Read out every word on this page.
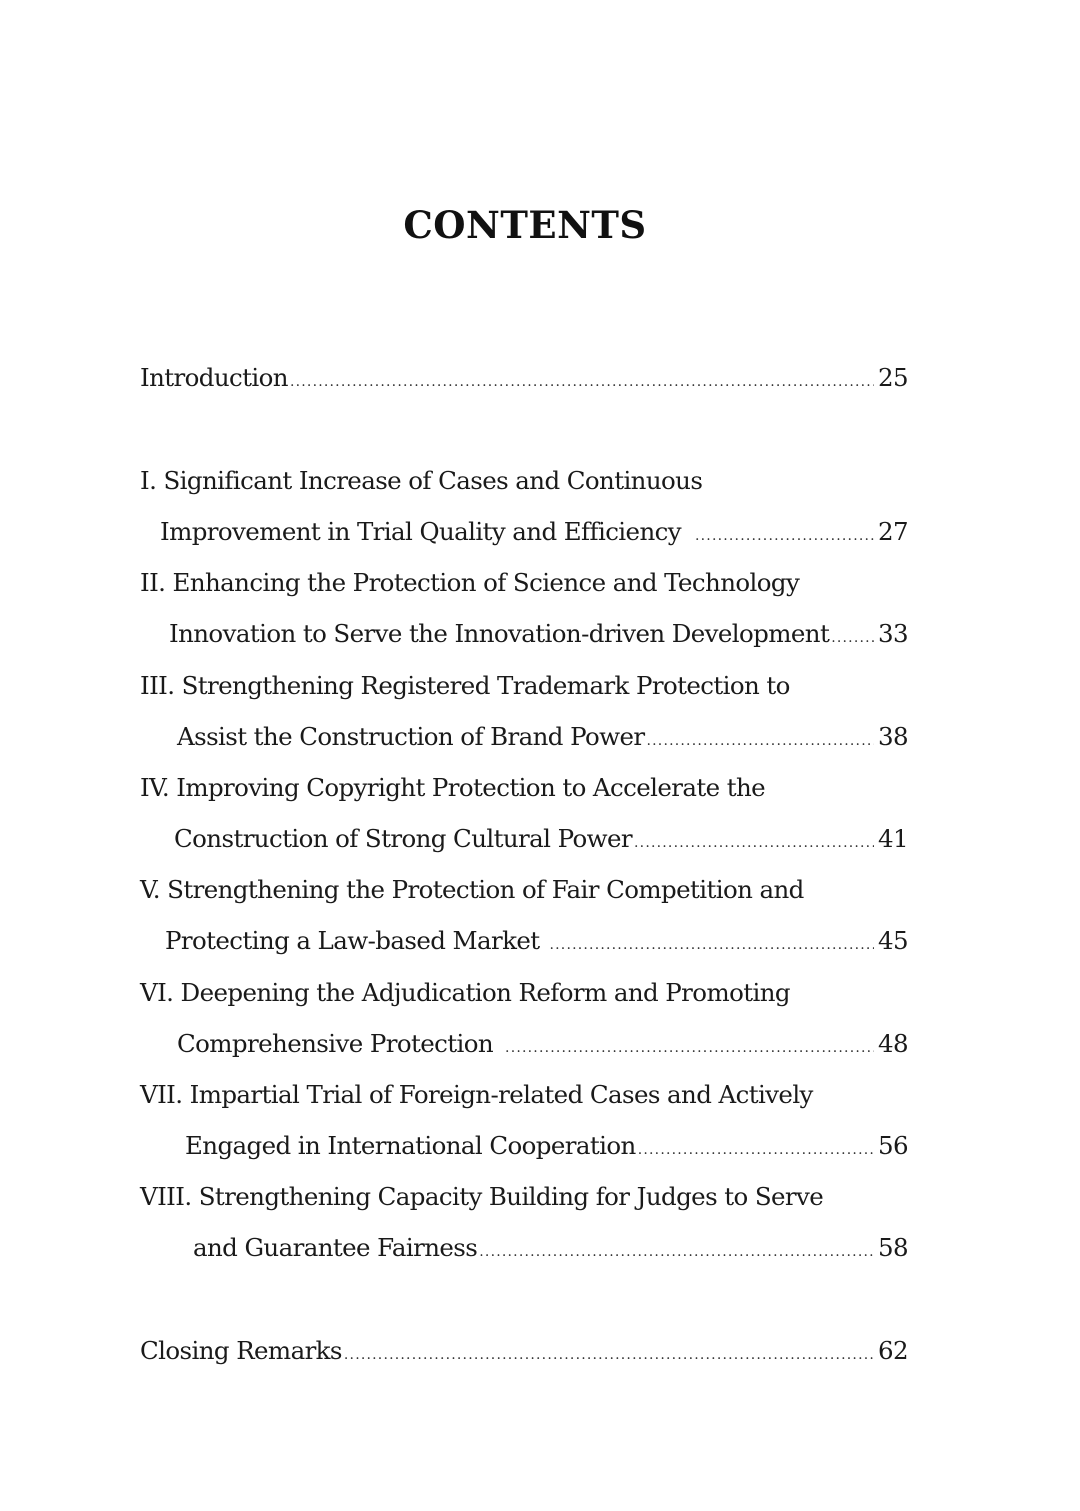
CONTENTS
Introduction .....	25
I. Significant Increase of Cases and Continuous
Improvement in Trial Quality and Efficiency .....	27
II. Enhancing the Protection of Science and Technology
Innovation to Serve the Innovation-driven Development ..... 33
III. Strengthening Registered Trademark Protection to
Assist the Construction of Brand Power .....	38
IV. Improving Copyright Protection to Accelerate the
Construction of Strong Cultural Power .....	41
V. Strengthening the Protection of Fair Competition and
Protecting a Law-based Market .....	45
VI. Deepening the Adjudication Reform and Promoting
Comprehensive Protection .....	48
VII. Impartial Trial of Foreign-related Cases and Actively
Engaged in International Cooperation .....	56
VIII. Strengthening Capacity Building for Judges to Serve
and Guarantee Fairness .....	58
Closing Remarks .....	62
